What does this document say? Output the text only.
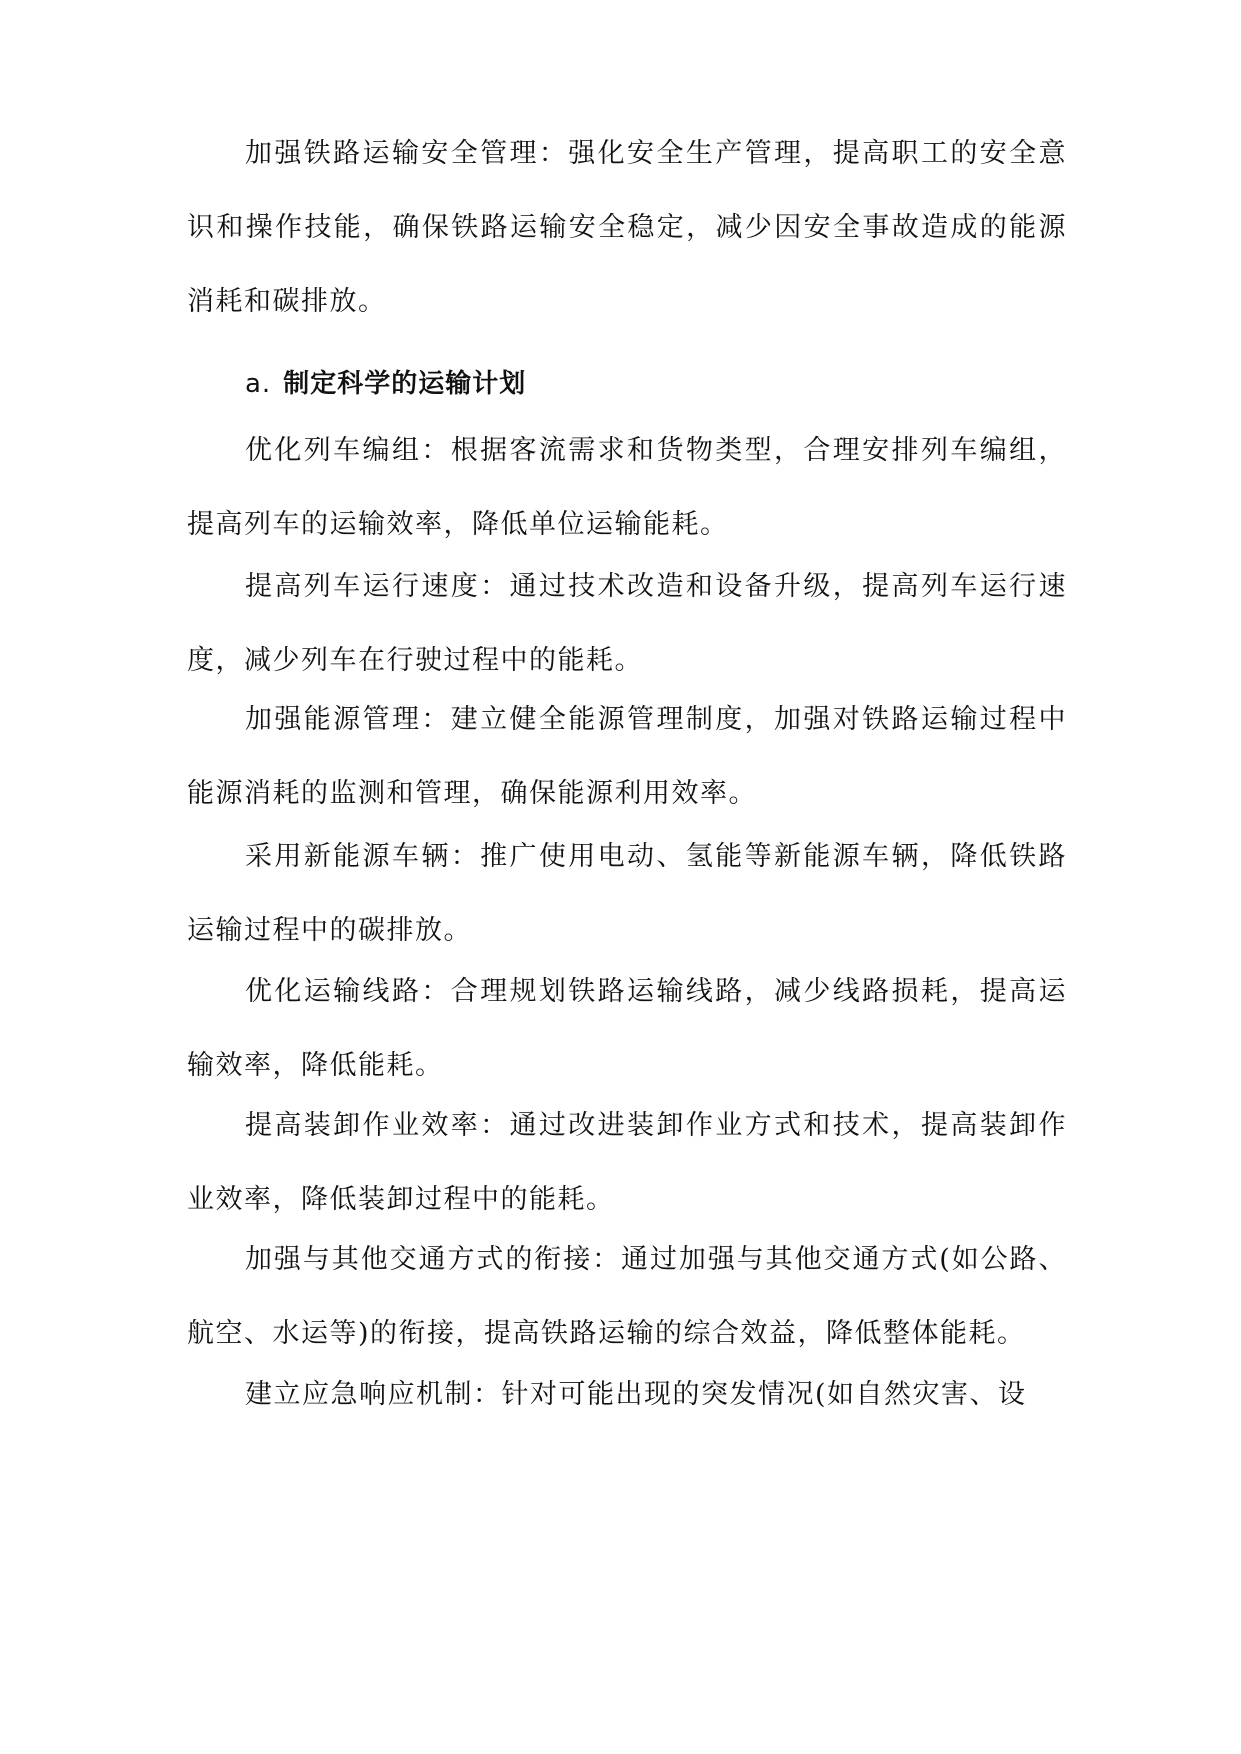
加强铁路运输安全管理：强化安全生产管理，提高职工的安全意识和操作技能，确保铁路运输安全稳定，减少因安全事故造成的能源消耗和碳排放。

a. 制定科学的运输计划

优化列车编组：根据客流需求和货物类型，合理安排列车编组，提高列车的运输效率，降低单位运输能耗。

提高列车运行速度：通过技术改造和设备升级，提高列车运行速度，减少列车在行驶过程中的能耗。

加强能源管理：建立健全能源管理制度，加强对铁路运输过程中能源消耗的监测和管理，确保能源利用效率。

采用新能源车辆：推广使用电动、氢能等新能源车辆，降低铁路运输过程中的碳排放。

优化运输线路：合理规划铁路运输线路，减少线路损耗，提高运输效率，降低能耗。

提高装卸作业效率：通过改进装卸作业方式和技术，提高装卸作业效率，降低装卸过程中的能耗。

加强与其他交通方式的衔接：通过加强与其他交通方式(如公路、航空、水运等)的衔接，提高铁路运输的综合效益，降低整体能耗。

建立应急响应机制：针对可能出现的突发情况(如自然灾害、设
